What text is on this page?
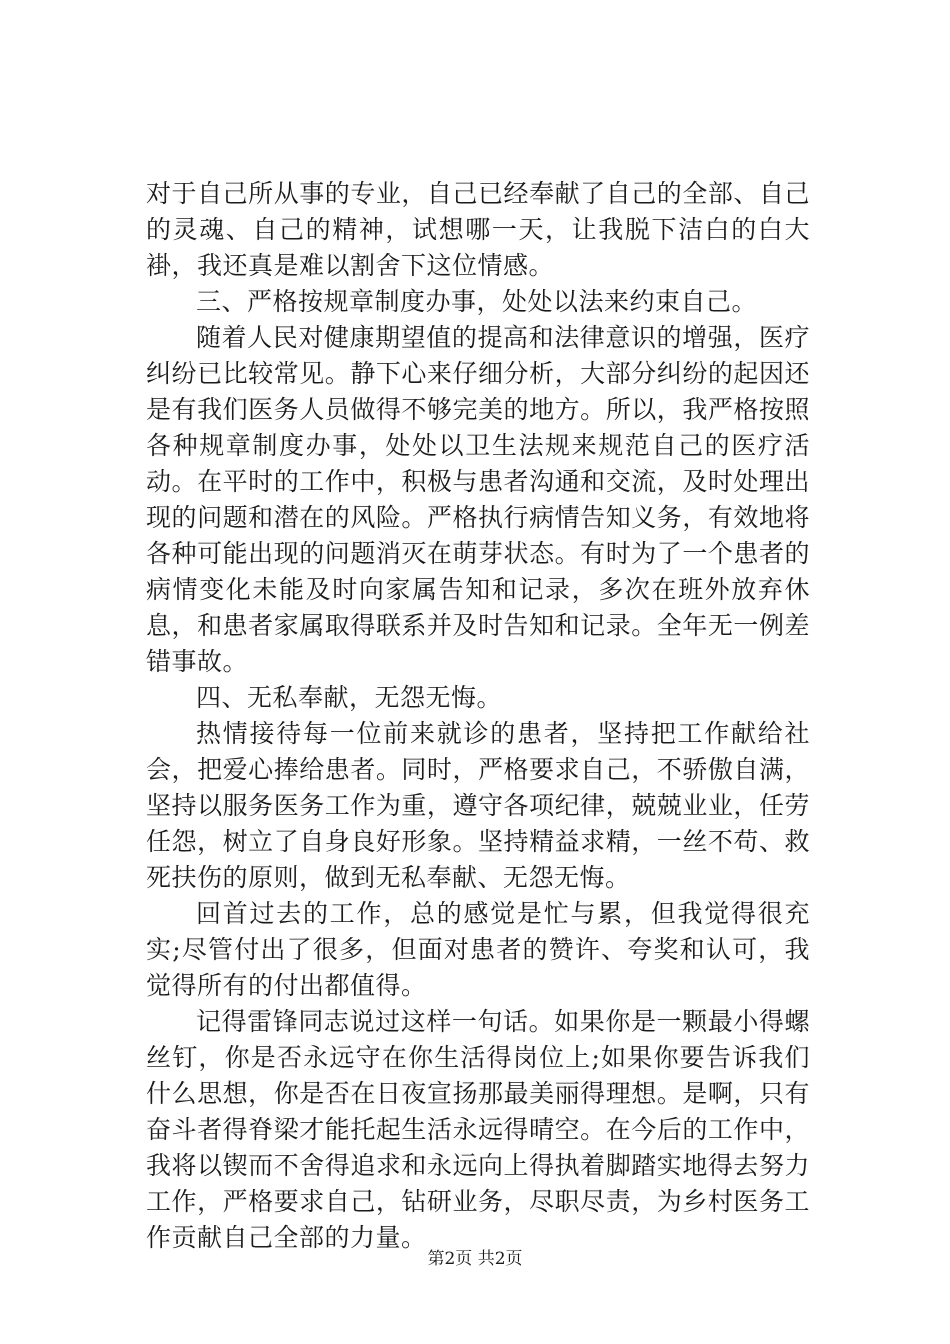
对于自己所从事的专业，自己已经奉献了自己的全部、自己的灵魂、自己的精神，试想哪一天，让我脱下洁白的白大褂，我还真是难以割舍下这位情感。

三、严格按规章制度办事，处处以法来约束自己。

随着人民对健康期望值的提高和法律意识的增强，医疗纠纷已比较常见。静下心来仔细分析，大部分纠纷的起因还是有我们医务人员做得不够完美的地方。所以，我严格按照各种规章制度办事，处处以卫生法规来规范自己的医疗活动。在平时的工作中，积极与患者沟通和交流，及时处理出现的问题和潜在的风险。严格执行病情告知义务，有效地将各种可能出现的问题消灭在萌芽状态。有时为了一个患者的病情变化未能及时向家属告知和记录，多次在班外放弃休息，和患者家属取得联系并及时告知和记录。全年无一例差错事故。

四、无私奉献，无怨无悔。

热情接待每一位前来就诊的患者，坚持把工作献给社会，把爱心捧给患者。同时，严格要求自己，不骄傲自满，坚持以服务医务工作为重，遵守各项纪律，兢兢业业，任劳任怨，树立了自身良好形象。坚持精益求精，一丝不苟、救死扶伤的原则，做到无私奉献、无怨无悔。

回首过去的工作，总的感觉是忙与累，但我觉得很充实;尽管付出了很多，但面对患者的赞许、夸奖和认可，我觉得所有的付出都值得。

记得雷锋同志说过这样一句话。如果你是一颗最小得螺丝钉，你是否永远守在你生活得岗位上;如果你要告诉我们什么思想，你是否在日夜宣扬那最美丽得理想。是啊，只有奋斗者得脊梁才能托起生活永远得晴空。在今后的工作中，我将以锲而不舍得追求和永远向上得执着脚踏实地得去努力工作，严格要求自己，钻研业务，尽职尽责，为乡村医务工作贡献自己全部的力量。

第2页 共2页
